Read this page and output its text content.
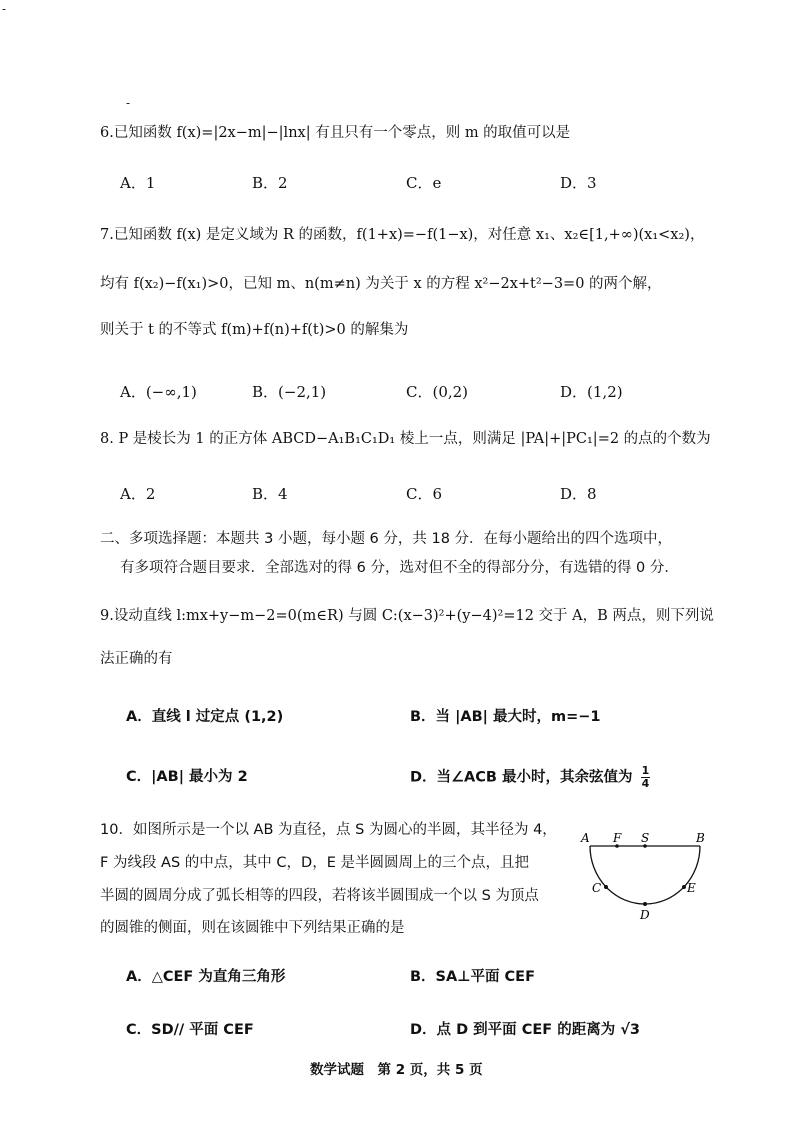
-
-
6.已知函数 f(x)=|2x−m|−|lnx| 有且只有一个零点，则 m 的取值可以是
A．1	B．2	C．e	D．3
7.已知函数 f(x) 是定义域为 R 的函数，f(1+x)=−f(1−x)，对任意 x₁、x₂∈[1,+∞)(x₁<x₂)，
均有 f(x₂)−f(x₁)>0，已知 m、n(m≠n) 为关于 x 的方程 x²−2x+t²−3=0 的两个解，
则关于 t 的不等式 f(m)+f(n)+f(t)>0 的解集为
A．(−∞,1)	B．(−2,1)	C．(0,2)	D．(1,2)
8. P 是棱长为 1 的正方体 ABCD−A₁B₁C₁D₁ 棱上一点，则满足 |PA|+|PC₁|=2 的点的个数为
A．2	B．4	C．6	D．8
二、多项选择题：本题共 3 小题，每小题 6 分，共 18 分．在每小题给出的四个选项中，
有多项符合题目要求．全部选对的得 6 分，选对但不全的得部分分，有选错的得 0 分．
9.设动直线 l:mx+y−m−2=0(m∈R) 与圆 C:(x−3)²+(y−4)²=12 交于 A，B 两点，则下列说
法正确的有
A．直线 l 过定点 (1,2)	B．当 |AB| 最大时，m=−1
C．|AB| 最小为 2	D．当∠ACB 最小时，其余弦值为 $\frac{1}{4}$
10．如图所示是一个以 AB 为直径，点 S 为圆心的半圆，其半径为 4，
F 为线段 AS 的中点，其中 C，D，E 是半圆圆周上的三个点，且把
半圆的圆周分成了弧长相等的四段，若将该半圆围成一个以 S 为顶点
的圆锥的侧面，则在该圆锥中下列结果正确的是
A F S	B
C
D
E
A．△CEF 为直角三角形	B．SA⊥平面 CEF
C．SD// 平面 CEF	D．点 D 到平面 CEF 的距离为 √3
数学试题　第 2 页，共 5 页
